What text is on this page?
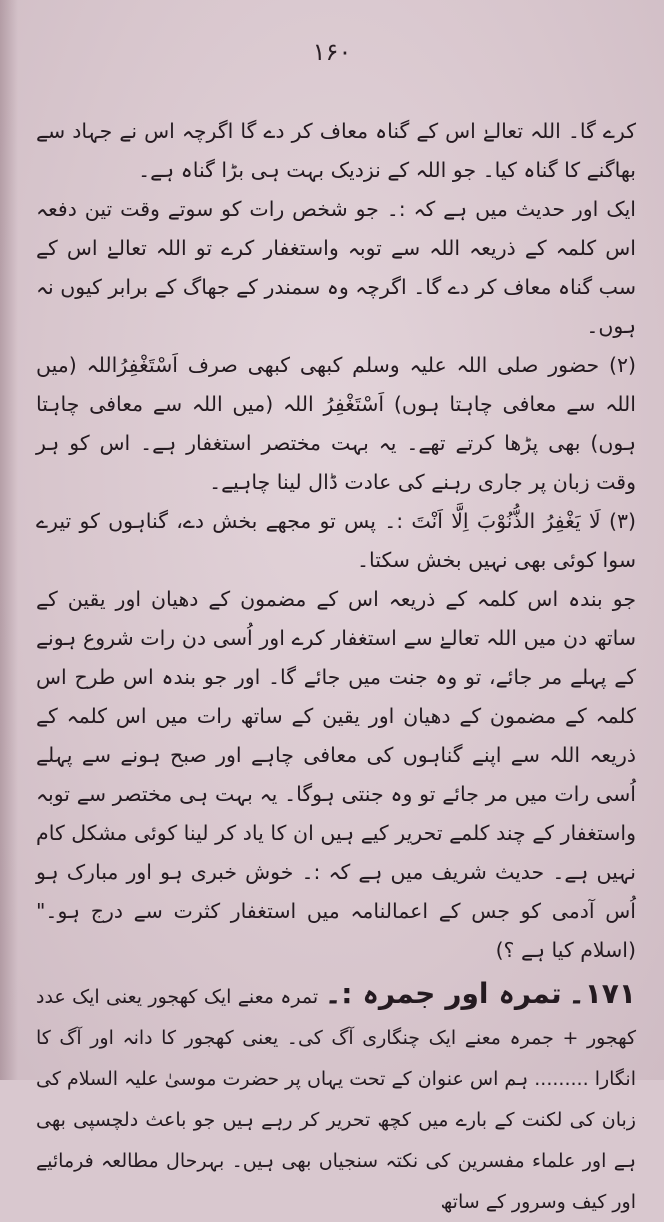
۱۶۰

کرے گا۔ اللہ تعالےٰ اس کے گناہ معاف کر دے گا اگرچہ اس نے جہاد سے بھاگنے کا گناہ کیا۔ جو اللہ کے نزدیک بہت ہی بڑا گناہ ہے۔

ایک اور حدیث میں ہے کہ :۔ جو شخص رات کو سوتے وقت تین دفعہ اس کلمہ کے ذریعہ اللہ سے توبہ واستغفار کرے تو اللہ تعالےٰ اس کے سب گناہ معاف کر دے گا۔ اگرچہ وہ سمندر کے جھاگ کے برابر کیوں نہ ہوں۔

(۲) حضور صلی اللہ علیہ وسلم کبھی کبھی صرف اَسْتَغْفِرُاللہ (میں اللہ سے معافی چاہتا ہوں) اَسْتَغْفِرُ اللہ (میں اللہ سے معافی چاہتا ہوں) بھی پڑھا کرتے تھے۔ یہ بہت مختصر استغفار ہے۔ اس کو ہر وقت زبان پر جاری رہنے کی عادت ڈال لینا چاہیے۔

(۳) لَا یَغْفِرُ الذُّنُوْبَ اِلَّا اَنْتَ :۔ پس تو مجھے بخش دے، گناہوں کو تیرے سوا کوئی بھی نہیں بخش سکتا۔

جو بندہ اس کلمہ کے ذریعہ اس کے مضمون کے دھیان اور یقین کے ساتھ دن میں اللہ تعالےٰ سے استغفار کرے اور اُسی دن رات شروع ہونے کے پہلے مر جائے، تو وہ جنت میں جائے گا۔ اور جو بندہ اس طرح اس کلمہ کے مضمون کے دھیان اور یقین کے ساتھ رات میں اس کلمہ کے ذریعہ اللہ سے اپنے گناہوں کی معافی چاہے اور صبح ہونے سے پہلے اُسی رات میں مر جائے تو وہ جنتی ہوگا۔ یہ بہت ہی مختصر سے توبہ واستغفار کے چند کلمے تحریر کیے ہیں ان کا یاد کر لینا کوئی مشکل کام نہیں ہے۔ حدیث شریف میں ہے کہ :۔ خوش خبری ہو اور مبارک ہو اُس آدمی کو جس کے اعمالنامہ میں استغفار کثرت سے درج ہو۔" (اسلام کیا ہے ؟)

۱۷۱۔ تمرہ اور جمرہ :۔ تمرہ معنے ایک کھجور یعنی ایک عدد کھجور + جمرہ معنے ایک چنگاری آگ کی۔ یعنی کھجور کا دانہ اور آگ کا انگارا ......... ہم اس عنوان کے تحت یہاں پر حضرت موسیٰ علیہ السلام کی زبان کی لکنت کے بارے میں کچھ تحریر کر رہے ہیں جو باعث دلچسپی بھی ہے اور علماء مفسرین کی نکتہ سنجیاں بھی ہیں۔ بہرحال مطالعہ فرمائیے اور کیف وسرور کے ساتھ
